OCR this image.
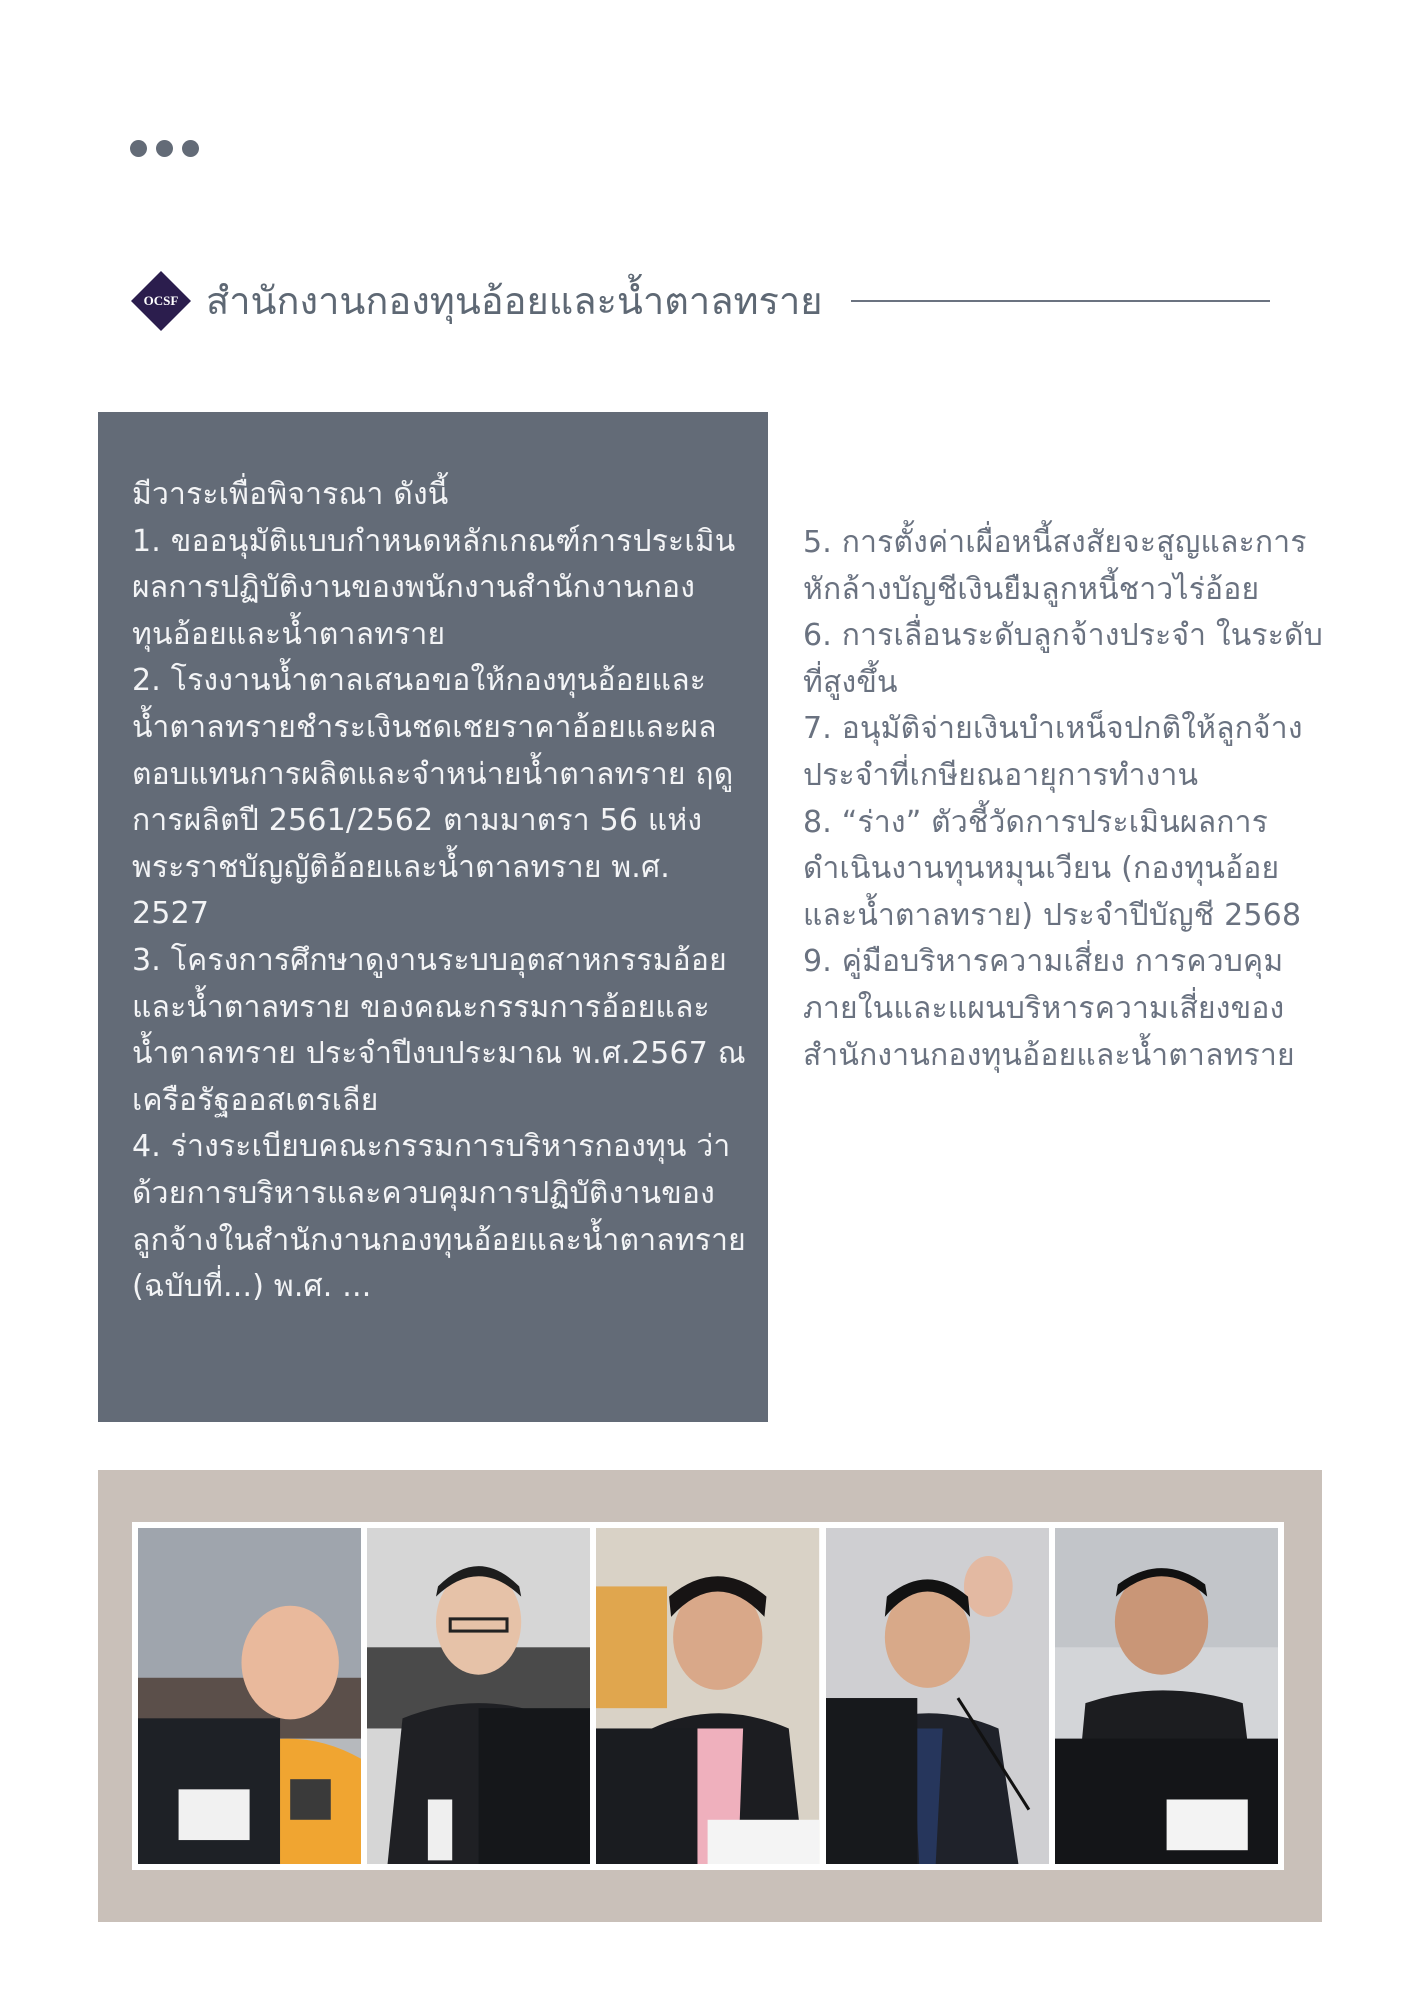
OCSF สำนักงานกองทุนอ้อยและน้ำตาลทราย

มีวาระเพื่อพิจารณา ดังนี้

1. ขออนุมัติแบบกำหนดหลักเกณฑ์การประเมิน

ผลการปฏิบัติงานของพนักงานสำนักงานกอง

ทุนอ้อยและน้ำตาลทราย

2. โรงงานน้ำตาลเสนอขอให้กองทุนอ้อยและ

น้ำตาลทรายชำระเงินชดเชยราคาอ้อยและผล

ตอบแทนการผลิตและจำหน่ายน้ำตาลทราย ฤดู

การผลิตปี 2561/2562 ตามมาตรา 56 แห่ง

พระราชบัญญัติอ้อยและน้ำตาลทราย พ.ศ.

2527

3. โครงการศึกษาดูงานระบบอุตสาหกรรมอ้อย

และน้ำตาลทราย ของคณะกรรมการอ้อยและ

น้ำตาลทราย ประจำปีงบประมาณ พ.ศ.2567 ณ

เครือรัฐออสเตรเลีย

4. ร่างระเบียบคณะกรรมการบริหารกองทุน ว่า

ด้วยการบริหารและควบคุมการปฏิบัติงานของ

ลูกจ้างในสำนักงานกองทุนอ้อยและน้ำตาลทราย

(ฉบับที่...) พ.ศ. ...

5. การตั้งค่าเผื่อหนี้สงสัยจะสูญและการ

หักล้างบัญชีเงินยืมลูกหนี้ชาวไร่อ้อย

6. การเลื่อนระดับลูกจ้างประจำ ในระดับ

ที่สูงขึ้น

7. อนุมัติจ่ายเงินบำเหน็จปกติให้ลูกจ้าง

ประจำที่เกษียณอายุการทำงาน

8. “ร่าง” ตัวชี้วัดการประเมินผลการ

ดำเนินงานทุนหมุนเวียน (กองทุนอ้อย

และน้ำตาลทราย) ประจำปีบัญชี 2568

9. คู่มือบริหารความเสี่ยง การควบคุม

ภายในและแผนบริหารความเสี่ยงของ

สำนักงานกองทุนอ้อยและน้ำตาลทราย
